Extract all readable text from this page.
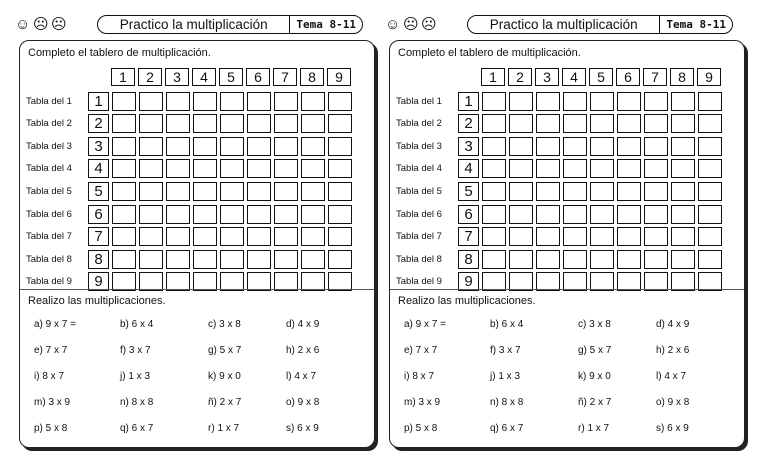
☺☹☹	Practico la multiplicación	Tema 8-11
Completo el tablero de multiplicación.
1	2	3	4	5	6	7	8	9
Tabla del 1	1
Tabla del 2	2
Tabla del 3	3
Tabla del 4	4
Tabla del 5	5
Tabla del 6	6
Tabla del 7	7
Tabla del 8	8
Tabla del 9	9
Realizo las multiplicaciones.
a) 9 x 7 =	b) 6 x 4	c) 3 x 8	d) 4 x 9
e) 7 x 7	f) 3 x 7	g) 5 x 7	h) 2 x 6
i) 8 x 7	j) 1 x 3	k) 9 x 0	l) 4 x 7
m) 3 x 9	n) 8 x 8	ñ) 2 x 7	o) 9 x 8
p) 5 x 8	q) 6 x 7	r) 1 x 7	s) 6 x 9
☺☹☹	Practico la multiplicación	Tema 8-11
Completo el tablero de multiplicación.
1	2	3	4	5	6	7	8	9
Tabla del 1	1
Tabla del 2	2
Tabla del 3	3
Tabla del 4	4
Tabla del 5	5
Tabla del 6	6
Tabla del 7	7
Tabla del 8	8
Tabla del 9	9
Realizo las multiplicaciones.
a) 9 x 7 =	b) 6 x 4	c) 3 x 8	d) 4 x 9
e) 7 x 7	f) 3 x 7	g) 5 x 7	h) 2 x 6
i) 8 x 7	j) 1 x 3	k) 9 x 0	l) 4 x 7
m) 3 x 9	n) 8 x 8	ñ) 2 x 7	o) 9 x 8
p) 5 x 8	q) 6 x 7	r) 1 x 7	s) 6 x 9
